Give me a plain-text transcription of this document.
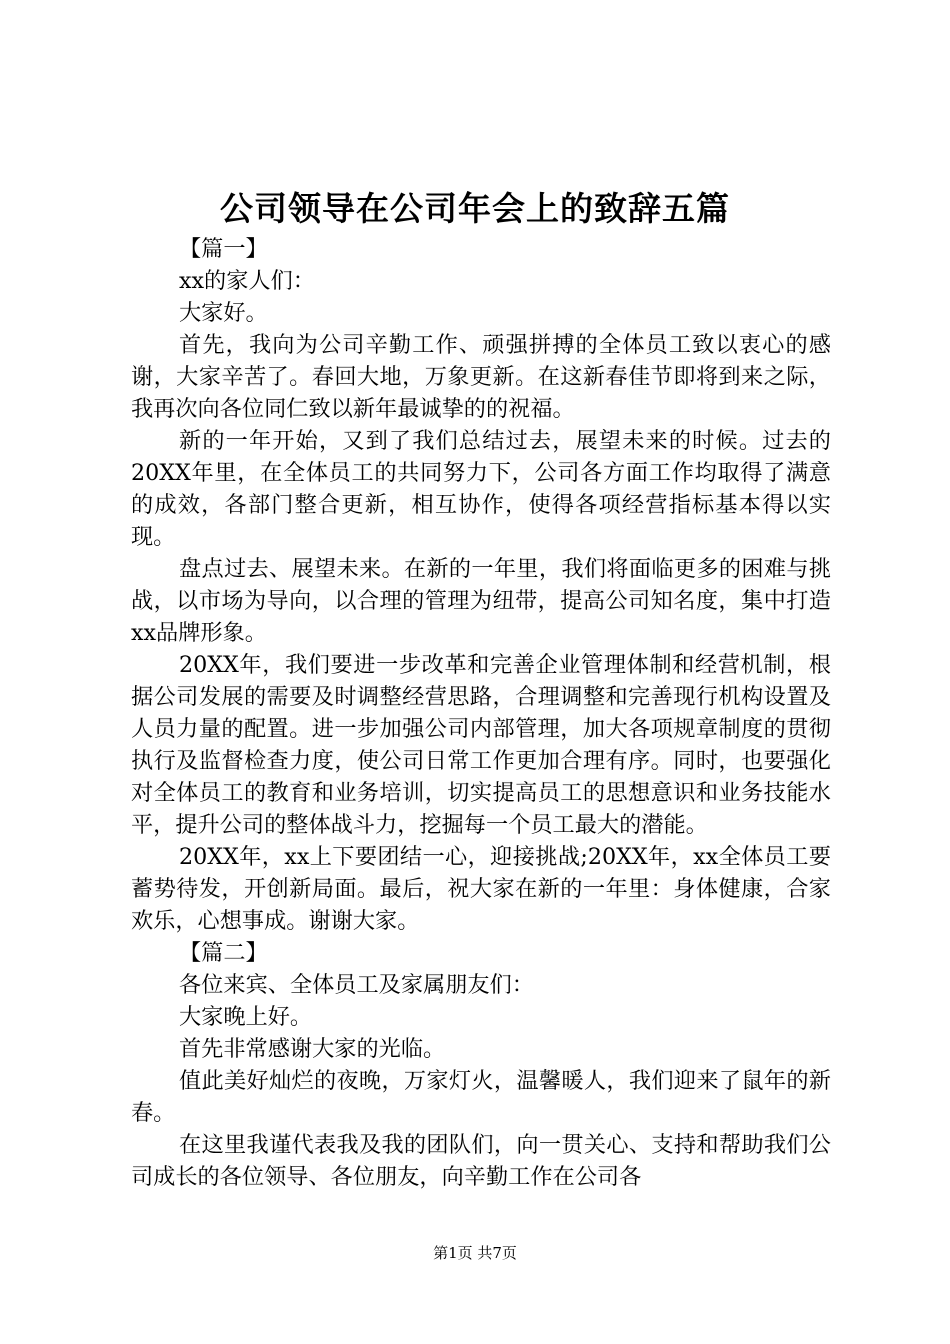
公司领导在公司年会上的致辞五篇

【篇一】

xx的家人们：

大家好。

首先，我向为公司辛勤工作、顽强拼搏的全体员工致以衷心的感谢，大家辛苦了。春回大地，万象更新。在这新春佳节即将到来之际，我再次向各位同仁致以新年最诚挚的的祝福。

新的一年开始，又到了我们总结过去，展望未来的时候。过去的20XX年里，在全体员工的共同努力下，公司各方面工作均取得了满意的成效，各部门整合更新，相互协作，使得各项经营指标基本得以实现。

盘点过去、展望未来。在新的一年里，我们将面临更多的困难与挑战，以市场为导向，以合理的管理为纽带，提高公司知名度，集中打造xx品牌形象。

20XX年，我们要进一步改革和完善企业管理体制和经营机制，根据公司发展的需要及时调整经营思路，合理调整和完善现行机构设置及人员力量的配置。进一步加强公司内部管理，加大各项规章制度的贯彻执行及监督检查力度，使公司日常工作更加合理有序。同时，也要强化对全体员工的教育和业务培训，切实提高员工的思想意识和业务技能水平，提升公司的整体战斗力，挖掘每一个员工最大的潜能。

20XX年，xx上下要团结一心，迎接挑战;20XX年，xx全体员工要蓄势待发，开创新局面。最后，祝大家在新的一年里：身体健康，合家欢乐，心想事成。谢谢大家。

【篇二】

各位来宾、全体员工及家属朋友们：

大家晚上好。

首先非常感谢大家的光临。

值此美好灿烂的夜晚，万家灯火，温馨暖人，我们迎来了鼠年的新春。

在这里我谨代表我及我的团队们，向一贯关心、支持和帮助我们公司成长的各位领导、各位朋友，向辛勤工作在公司各

第1页 共7页
